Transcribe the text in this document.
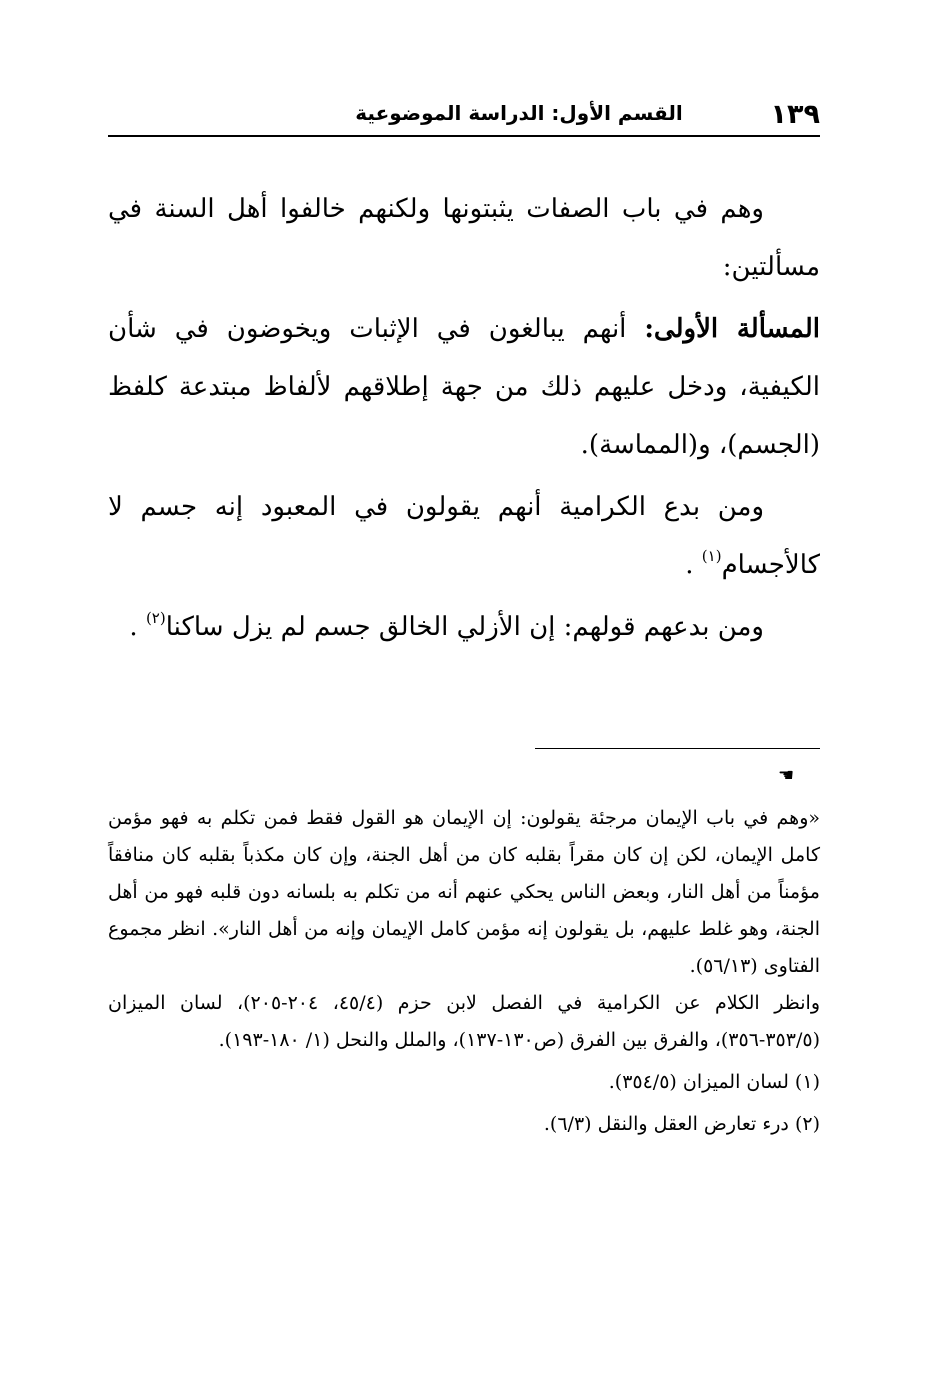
١٣٩
القسم الأول: الدراسة الموضوعية

وهم في باب الصفات يثبتونها ولكنهم خالفوا أهل السنة في مسألتين:

المسألة الأولى: أنهم يبالغون في الإثبات ويخوضون في شأن الكيفية، ودخل عليهم ذلك من جهة إطلاقهم لألفاظ مبتدعة كلفظ (الجسم)، و(المماسة).

ومن بدع الكرامية أنهم يقولون في المعبود إنه جسم لا كالأجسام$^{(١)}$ .

ومن بدعهم قولهم: إن الأزلي الخالق جسم لم يزل ساكنا$^{(٢)}$ .

☚

«وهم في باب الإيمان مرجئة يقولون: إن الإيمان هو القول فقط فمن تكلم به فهو مؤمن كامل الإيمان، لكن إن كان مقراً بقلبه كان من أهل الجنة، وإن كان مكذباً بقلبه كان منافقاً مؤمناً من أهل النار، وبعض الناس يحكي عنهم أنه من تكلم به بلسانه دون قلبه فهو من أهل الجنة، وهو غلط عليهم، بل يقولون إنه مؤمن كامل الإيمان وإنه من أهل النار». انظر مجموع الفتاوى (٥٦/١٣).

وانظر الكلام عن الكرامية في الفصل لابن حزم (٤٥/٤، ٢٠٤-٢٠٥)، لسان الميزان (٣٥٣/٥-٣٥٦)، والفرق بين الفرق (ص١٣٠-١٣٧)، والملل والنحل (١/ ١٨٠-١٩٣).

(١) لسان الميزان (٣٥٤/٥).

(٢) درء تعارض العقل والنقل (٦/٣).
